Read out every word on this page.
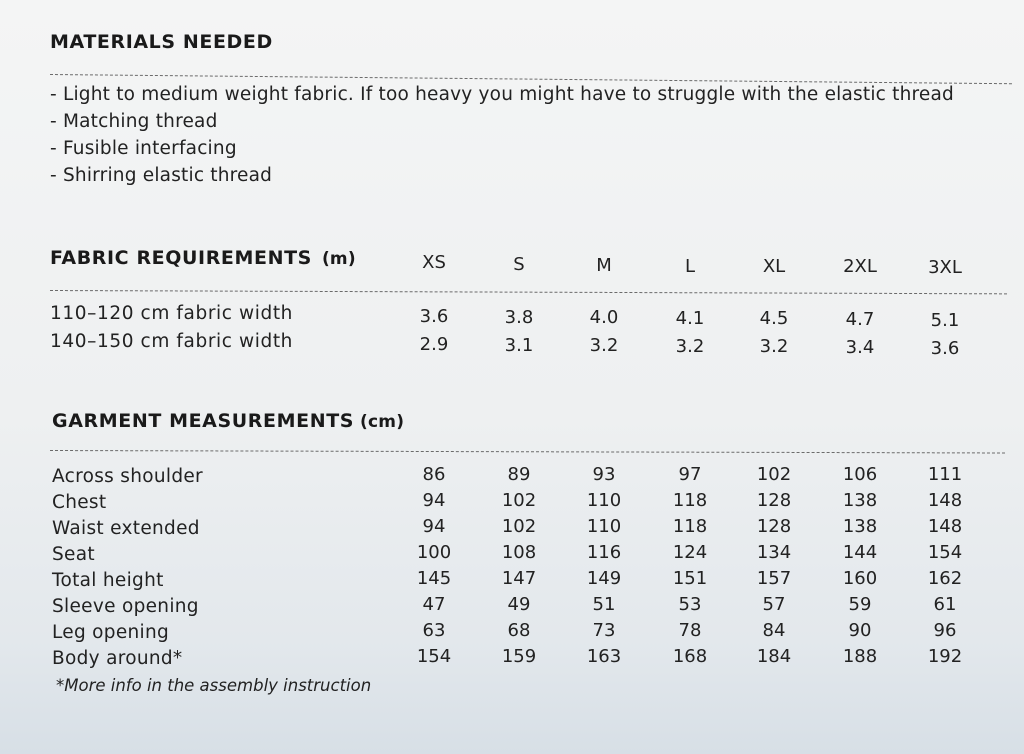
MATERIALS NEEDED
- Light to medium weight fabric. If too heavy you might have to struggle with the elastic thread
- Matching thread
- Fusible interfacing
- Shirring elastic thread
FABRIC REQUIREMENTS (m)	XS	S	M	L	XL	2XL	3XL
110–120 cm fabric width	3.6	3.8	4.0	4.1	4.5	4.7	5.1
140–150 cm fabric width	2.9	3.1	3.2	3.2	3.2	3.4	3.6
GARMENT MEASUREMENTS (cm)
Across shoulder	86	89	93	97	102	106	111
Chest	94	102	110	118	128	138	148
Waist extended	94	102	110	118	128	138	148
Seat	100	108	116	124	134	144	154
Total height	145	147	149	151	157	160	162
Sleeve opening	47	49	51	53	57	59	61
Leg opening	63	68	73	78	84	90	96
Body around*	154	159	163	168	184	188	192
*More info in the assembly instruction
